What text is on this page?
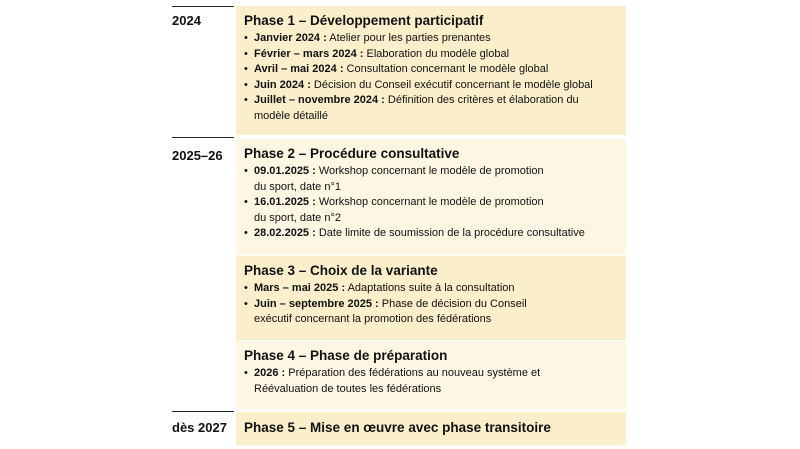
2024
2025–26
dès 2027
Phase 1 – Développement participatif
• Janvier 2024 : Atelier pour les parties prenantes
• Février – mars 2024 : Elaboration du modèle global
• Avril – mai 2024 : Consultation concernant le modèle global
• Juin 2024 : Décision du Conseil exécutif concernant le modèle global
• Juillet – novembre 2024 : Définition des critères et élaboration du
modèle détaillé
Phase 2 – Procédure consultative
• 09.01.2025 : Workshop concernant le modèle de promotion
du sport, date n°1
• 16.01.2025 : Workshop concernant le modèle de promotion
du sport, date n°2
• 28.02.2025 : Date limite de soumission de la procédure consultative
Phase 3 – Choix de la variante
• Mars – mai 2025 : Adaptations suite à la consultation
• Juin – septembre 2025 : Phase de décision du Conseil
exécutif concernant la promotion des fédérations
Phase 4 – Phase de préparation
• 2026 : Préparation des fédérations au nouveau système et
Réévaluation de toutes les fédérations
Phase 5 – Mise en œuvre avec phase transitoire
